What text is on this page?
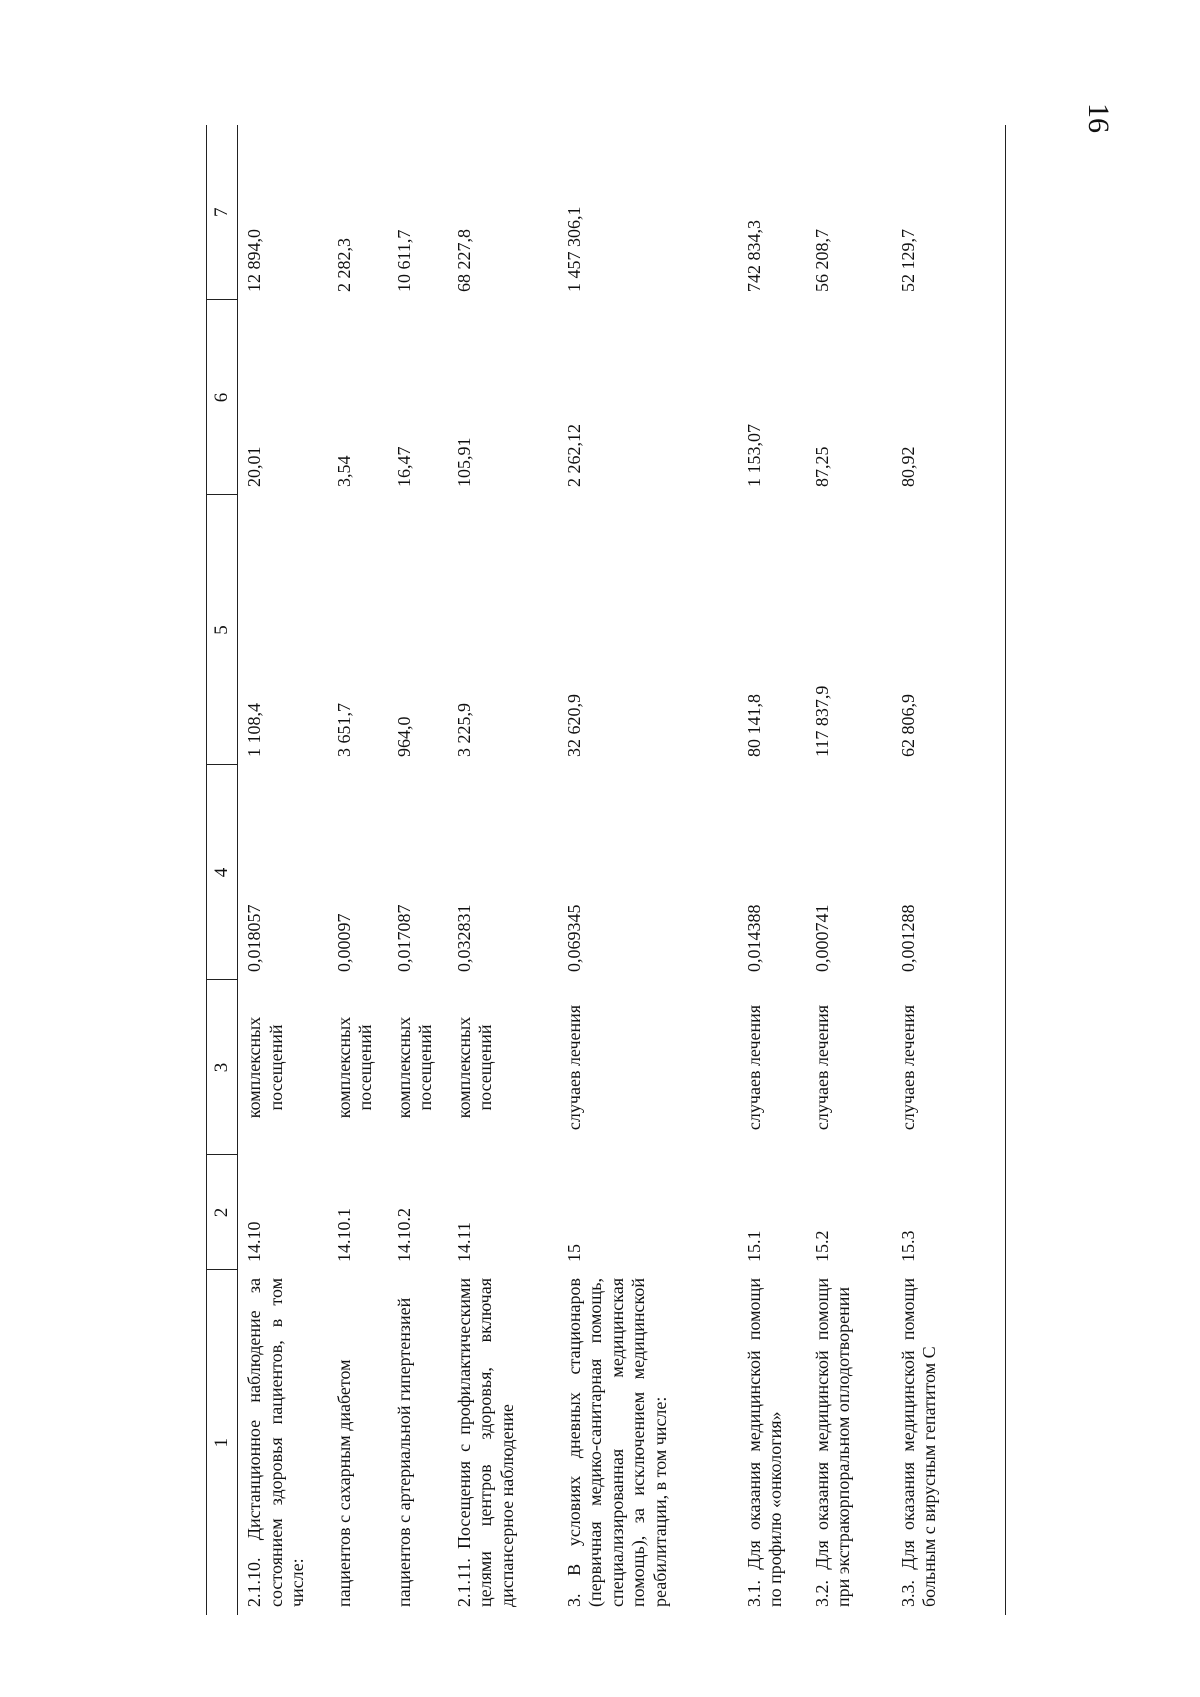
16
1	2	3	4	5	6	7
2.1.10. Дистанционное наблюдение за состоянием здоровья пациентов, в том числе:	14.10	комплексных посещений	0,018057	1 108,4	20,01	12 894,0
пациентов с сахарным диабетом	14.10.1	комплексных посещений	0,00097	3 651,7	3,54	2 282,3
пациентов с артериальной гипертензией	14.10.2	комплексных посещений	0,017087	964,0	16,47	10 611,7
2.1.11. Посещения с профилактическими целями центров здоровья, включая диспансерное наблюдение	14.11	комплексных посещений	0,032831	3 225,9	105,91	68 227,8
3. В условиях дневных стационаров (первичная медико-санитарная помощь, специализированная медицинская помощь), за исключением медицинской реабилитации, в том числе:	15	случаев лечения	0,069345	32 620,9	2 262,12	1 457 306,1
3.1. Для оказания медицинской помощи по профилю «онкология»	15.1	случаев лечения	0,014388	80 141,8	1 153,07	742 834,3
3.2. Для оказания медицинской помощи при экстракорпоральном оплодотворении	15.2	случаев лечения	0,000741	117 837,9	87,25	56 208,7
3.3. Для оказания медицинской помощи больным с вирусным гепатитом С	15.3	случаев лечения	0,001288	62 806,9	80,92	52 129,7
